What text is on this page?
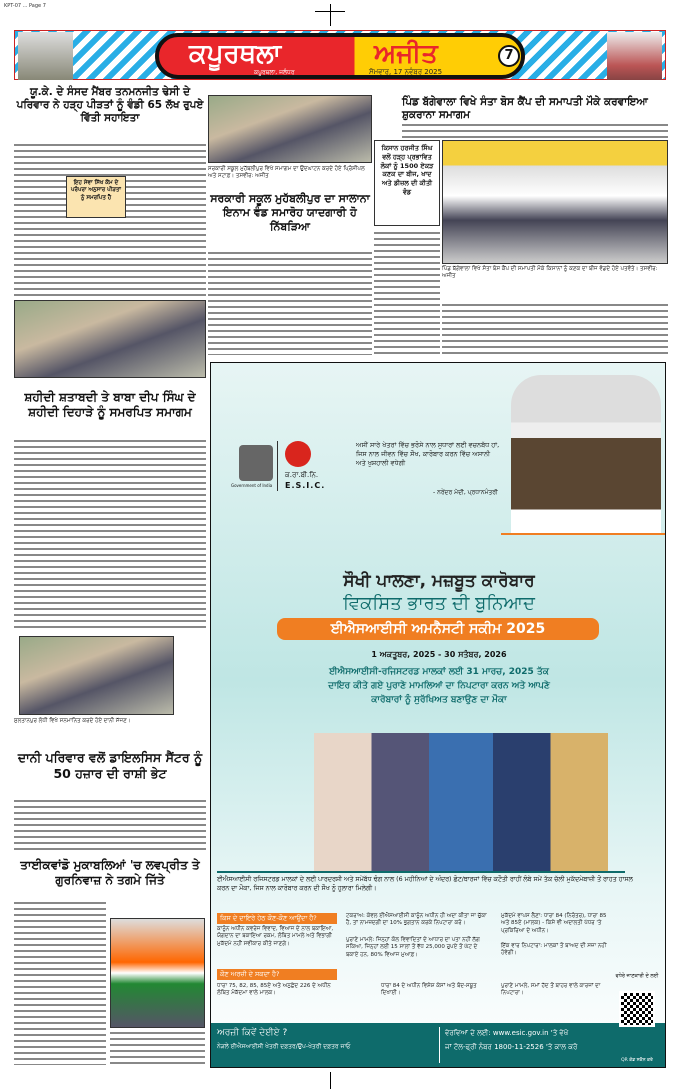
KPT-07 ... Page 7
ਕਪੂਰਥਲਾ	ਅਜੀਤ
ਕਪੂਰਥਲਾ, ਜਲੰਧਰ	ਸੋਮਵਾਰ, 17 ਨਵੰਬਰ 2025
7
ਯੂ.ਕੇ. ਦੇ ਸੰਸਦ ਮੈਂਬਰ ਤਨਮਨਜੀਤ ਢੇਸੀ ਦੇ ਪਰਿਵਾਰ ਨੇ ਹੜ੍ਹ ਪੀੜਤਾਂ ਨੂੰ ਵੰਡੀ 65 ਲੱਖ ਰੁਪਏ ਵਿੱਤੀ ਸਹਾਇਤਾ
ਇਹ ਸੇਵਾ ਸਿੱਖ ਕੌਮ ਦੇ ਪਰੰਪਰਾ ਅਨੁਸਾਰ ਪੀੜਤਾਂ ਨੂੰ ਸਮਰਪਿਤ ਹੈ
ਸ਼ਹੀਦੀ ਸ਼ਤਾਬਦੀ ਤੇ ਬਾਬਾ ਦੀਪ ਸਿੰਘ ਦੇ ਸ਼ਹੀਦੀ ਦਿਹਾੜੇ ਨੂੰ ਸਮਰਪਿਤ ਸਮਾਗਮ
ਸੁਲਤਾਨਪੁਰ ਲੋਧੀ ਵਿਖੇ ਸਨਮਾਨਿਤ ਕਰਦੇ ਹੋਏ ਦਾਨੀ ਸੱਜਣ।
ਦਾਨੀ ਪਰਿਵਾਰ ਵਲੋਂ ਡਾਇਲਸਿਸ ਸੈਂਟਰ ਨੂੰ 50 ਹਜ਼ਾਰ ਦੀ ਰਾਸ਼ੀ ਭੇਟ
ਤਾਈਕਵਾਂਡੋ ਮੁਕਾਬਲਿਆਂ 'ਚ ਲਵਪ੍ਰੀਤ ਤੇ ਗੁਰਨਿਵਾਜ਼ ਨੇ ਤਗਮੇ ਜਿੱਤੇ
ਸਰਕਾਰੀ ਸਕੂਲ ਮੁਹੱਬਲੀਪੁਰ ਵਿਖੇ ਸਮਾਗਮ ਦਾ ਉਦਘਾਟਨ ਕਰਦੇ ਹੋਏ ਪ੍ਰਿੰਸੀਪਲ ਅਤੇ ਸਟਾਫ਼। ਤਸਵੀਰ: ਅਜੀਤ
ਸਰਕਾਰੀ ਸਕੂਲ ਮੁਹੱਬਲੀਪੁਰ ਦਾ ਸਾਲਾਨਾ ਇਨਾਮ ਵੰਡ ਸਮਾਰੋਹ ਯਾਦਗਾਰੀ ਹੋ ਨਿੱਬੜਿਆ
ਪਿੰਡ ਬੱਗੇਵਾਲਾ ਵਿਖੇ ਸੰਤਾ ਬੋਸ ਕੈਂਪ ਦੀ ਸਮਾਪਤੀ ਮੌਕੇ ਕਰਵਾਇਆ ਸ਼ੁਕਰਾਨਾ ਸਮਾਗਮ
ਕਿਸਾਨ ਹਰਜੀਤ ਸਿੰਘ ਵਲੋਂ ਹੜ੍ਹ ਪ੍ਰਭਾਵਿਤ ਲੋਕਾਂ ਨੂੰ 1500 ਏਕੜ ਕਣਕ ਦਾ ਬੀਜ, ਖਾਦ ਅਤੇ ਡੀਜ਼ਲ ਦੀ ਕੀਤੀ ਵੰਡ
ਪਿੰਡ ਬੱਗੇਵਾਲਾ ਵਿਖੇ ਸੰਤਾ ਬੋਸ ਕੈਂਪ ਦੀ ਸਮਾਪਤੀ ਮੌਕੇ ਕਿਸਾਨਾਂ ਨੂੰ ਕਣਕ ਦਾ ਬੀਜ ਵੰਡਦੇ ਹੋਏ ਪਤਵੰਤੇ। ਤਸਵੀਰ: ਅਜੀਤ
Government of India
ਕ.ਰਾ.ਬੀ.ਨਿ.
E.S.I.C.
ਅਸੀਂ ਸਾਰੇ ਖੇਤਰਾਂ ਵਿੱਚ ਭਰੋਸੇ ਨਾਲ ਸੁਧਾਰਾਂ ਲਈ ਵਚਨਬੱਧ ਹਾਂ, ਜਿਸ ਨਾਲ ਜੀਵਨ ਵਿੱਚ ਸੌਖ, ਕਾਰੋਬਾਰ ਕਰਨ ਵਿੱਚ ਅਸਾਨੀ ਅਤੇ ਖੁਸ਼ਹਾਲੀ ਵਧੇਗੀ
- ਨਰੇਂਦਰ ਮੋਦੀ, ਪ੍ਰਧਾਨਮੰਤਰੀ
ਸੌਖੀ ਪਾਲਣਾ, ਮਜ਼ਬੂਤ ਕਾਰੋਬਾਰ
ਵਿਕਸਿਤ ਭਾਰਤ ਦੀ ਬੁਨਿਆਦ
ਈਐਸਆਈਸੀ ਅਮਨੈਸਟੀ ਸਕੀਮ 2025
1 ਅਕਤੂਬਰ, 2025 - 30 ਸਤੰਬਰ, 2026
ਈਐਸਆਈਸੀ-ਰਜਿਸਟਰਡ ਮਾਲਕਾਂ ਲਈ 31 ਮਾਰਚ, 2025 ਤੱਕ
ਦਾਇਰ ਕੀਤੇ ਗਏ ਪੁਰਾਣੇ ਮਾਮਲਿਆਂ ਦਾ ਨਿਪਟਾਰਾ ਕਰਨ ਅਤੇ ਆਪਣੇ
ਕਾਰੋਬਾਰਾਂ ਨੂੰ ਸੁਰੱਖਿਅਤ ਬਣਾਉਣ ਦਾ ਮੌਕਾ
ਈਐਸਆਈਸੀ ਰਜਿਸਟਰਡ ਮਾਲਕਾਂ ਦੇ ਲਈ ਪਾਰਦਰਸ਼ੀ ਅਤੇ ਸਮੇਂਬੱਧ ਢੰਗ ਨਾਲ (6 ਮਹੀਨਿਆਂ ਦੇ ਅੰਦਰ) ਛੋਟ/ਥਾਰਜਾਂ ਵਿੱਚ ਕਟੌਤੀ ਰਾਹੀਂ ਲੰਬੇ ਸਮੇਂ ਤੱਕ ਚੱਲੀ ਮੁਕੱਦਮੇਬਾਜ਼ੀ ਤੋਂ ਰਾਹਤ ਹਾਸਲ ਕਰਨ ਦਾ ਮੌਕਾ, ਜਿਸ ਨਾਲ ਕਾਰੋਬਾਰ ਕਰਨ ਦੀ ਸੌਖ ਨੂੰ ਹੁਲਾਰਾ ਮਿਲੇਗੀ।
ਕਿਸ ਦੇ ਦਾਇਰੇ ਹੇਠ ਕੌਣ-ਕੌਣ ਆਉਂਦਾ ਹੈ?
ਕਾਨੂੰਨ ਅਧੀਨ ਕਵਰੇਜ ਵਿਵਾਦ, ਵਿਆਜ ਦੇ ਨਾਲ ਬਕਾਇਆ, ਯੋਗਦਾਨ ਦਾ ਬਕਾਇਆ ਰਕਮ, ਲੰਬਿਤ ਮਾਮਲੇ ਅਤੇ ਵਿਭਾਗੀ ਮੁਕੱਦਮੇ ਨਹੀਂ ਸਵੀਕਾਰ ਕੀਤੇ ਜਾਣਗੇ।
ਕੌਣ ਅਰਜ਼ੀ ਦੇ ਸਕਦਾ ਹੈ?
ਧਾਰਾ 75, 82, 85, 85ਏ ਅਤੇ ਅਨੁਛੇਦ 226 ਦੇ ਅਧੀਨ ਲੰਬਿਤ ਮੋਕੱਦਮਾ ਵਾਲੇ ਮਾਲਕ।
ਟਕਰਾਅ: ਕੇਵਲ ਈਐਸਆਈਸੀ ਕਾਨੂੰਨ ਅਧੀਨ ਹੀ ਅਦਾ ਕੀਤਾ ਜਾ ਚੁੱਕਾ ਹੈ, ਤਾਂ ਨਾਮਜ਼ਦਗੀ ਦਾ 10% ਭੁਗਤਾਨ ਕਰਕੇ ਨਿਪਟਾਰਾ ਕਰੋ।
ਪੁਰਾਣੇ ਮਾਮਲੇ: ਜਿਨ੍ਹਾਂ ਕੋਲ ਵਿਵਾਦਿਤਾਂ ਦੇ ਆਧਾਰ ਦਾ ਪਤਾ ਨਹੀਂ ਲੱਗ ਸਕਿਆ, ਜਿਨ੍ਹਾਂ ਲਈ 15 ਸਾਲਾਂ ਤੋਂ ਵੱਧ 25,000 ਰੁਪਏ ਤੋਂ ਘੱਟ ਦੇ ਬਕਾਏ ਹਨ, 80% ਵਿਆਜ ਮੁਆਫ਼।
ਧਾਰਾ 84 ਦੇ ਅਧੀਨ ਵਿਸ਼ੇਸ਼ ਕੇਸਾਂ ਅਤੇ ਬੰਦ-ਸਬੂਤ ਦਿਖਾਈ।
ਮੁਕੱਦਮੇ ਵਾਪਸ ਲੈਣਾ: ਧਾਰਾ 84 (ਨਿਰੰਤਰ), ਧਾਰਾ 85 ਅਤੇ 85ਏ (ਮਾਲਕ) - ਕਿਸੇ ਵੀ ਅਦਾਲਤੀ ਪੱਧਰ 'ਤੇ ਪ੍ਰਕਿਰਿਆ ਦੇ ਅਧੀਨ।
ਇੱਕ ਵਾਰ ਨਿਪਟਾਰਾ: ਮਾਲਕਾਂ ਤੋਂ ਬਾਅਦ ਦੀ ਸਜ਼ਾ ਨਹੀਂ ਹੋਵੇਗੀ।
ਪੁਰਾਣੇ ਮਾਮਲੇ, ਸਮਾਂ ਹੱਦ ਤੋਂ ਬਾਹਰ ਵਾਲੇ ਕਾਰਜਾਂ ਦਾ ਨਿਪਟਾਰਾ।
ਅਰਜ਼ੀ ਕਿਵੇਂ ਦੇਈਏ ?
ਨੇੜਲੇ ਈਐਸਆਈਸੀ ਖੇਤਰੀ ਦਫ਼ਤਰ/ਉਪ-ਖੇਤਰੀ ਦਫ਼ਤਰ ਜਾਓ
ਵੇਰਵਿਆਂ ਦੇ ਲਈ: www.esic.gov.in 'ਤੇ ਵੇਖੋ
ਜਾਂ ਟੋਲ-ਫ੍ਰੀ ਨੰਬਰ 1800-11-2526 'ਤੇ ਕਾਲ ਕਰੋ
ਵਧੇਰੇ ਜਾਣਕਾਰੀ ਦੇ ਲਈ
QR ਕੋਡ ਸਕੈਨ ਕਰੋ
